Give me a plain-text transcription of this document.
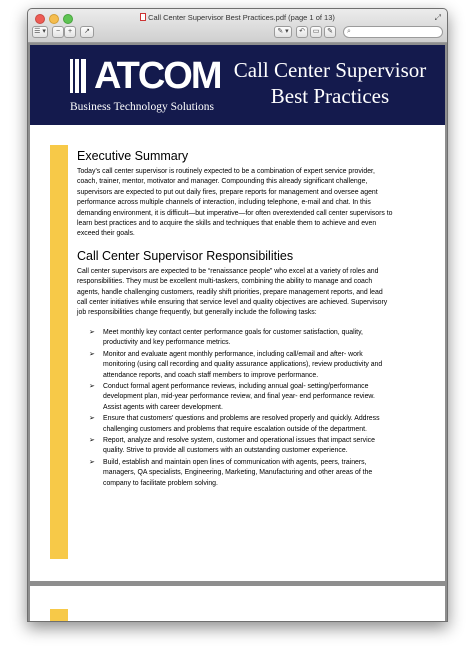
Call Center Supervisor Best Practices.pdf (page 1 of 13)	⤢
☰ ▾	−	+	↗	✎ ▾	↶	▭	✎	⌕
ATCOM
Business Technology Solutions
Call Center Supervisor
Best Practices
Executive Summary

Today’s call center supervisor is routinely expected to be a combination of expert service provider, coach, trainer, mentor, motivator and manager. Compounding this already significant challenge, supervisors are expected to put out daily fires, prepare reports for management and oversee agent performance across multiple channels of interaction, including telephone, e-mail and chat. In this demanding environment, it is difficult—but imperative—for often overextended call center supervisors to learn best practices and to acquire the skills and techniques that enable them to achieve and even exceed their goals.

Call Center Supervisor Responsibilities

Call center supervisors are expected to be “renaissance people” who excel at a variety of roles and responsibilities. They must be excellent multi-taskers, combining the ability to manage and coach agents, handle challenging customers, readily shift priorities, prepare management reports, and lead call center initiatives while ensuring that service level and quality objectives are achieved. Supervisory job responsibilities change frequently, but generally include the following tasks:

➢ Meet monthly key contact center performance goals for customer satisfaction, quality, productivity and key performance metrics.
➢ Monitor and evaluate agent monthly performance, including call/email and after- work monitoring (using call recording and quality assurance applications), review productivity and attendance reports, and coach staff members to improve performance.
➢ Conduct formal agent performance reviews, including annual goal- setting/performance development plan, mid-year performance review, and final year- end performance review. Assist agents with career development.
➢ Ensure that customers’ questions and problems are resolved properly and quickly. Address challenging customers and problems that require escalation outside of the department.
➢ Report, analyze and resolve system, customer and operational issues that impact service quality. Strive to provide all customers with an outstanding customer experience.
➢ Build, establish and maintain open lines of communication with agents, peers, trainers, managers, QA specialists, Engineering, Marketing, Manufacturing and other areas of the company to facilitate problem solving.
